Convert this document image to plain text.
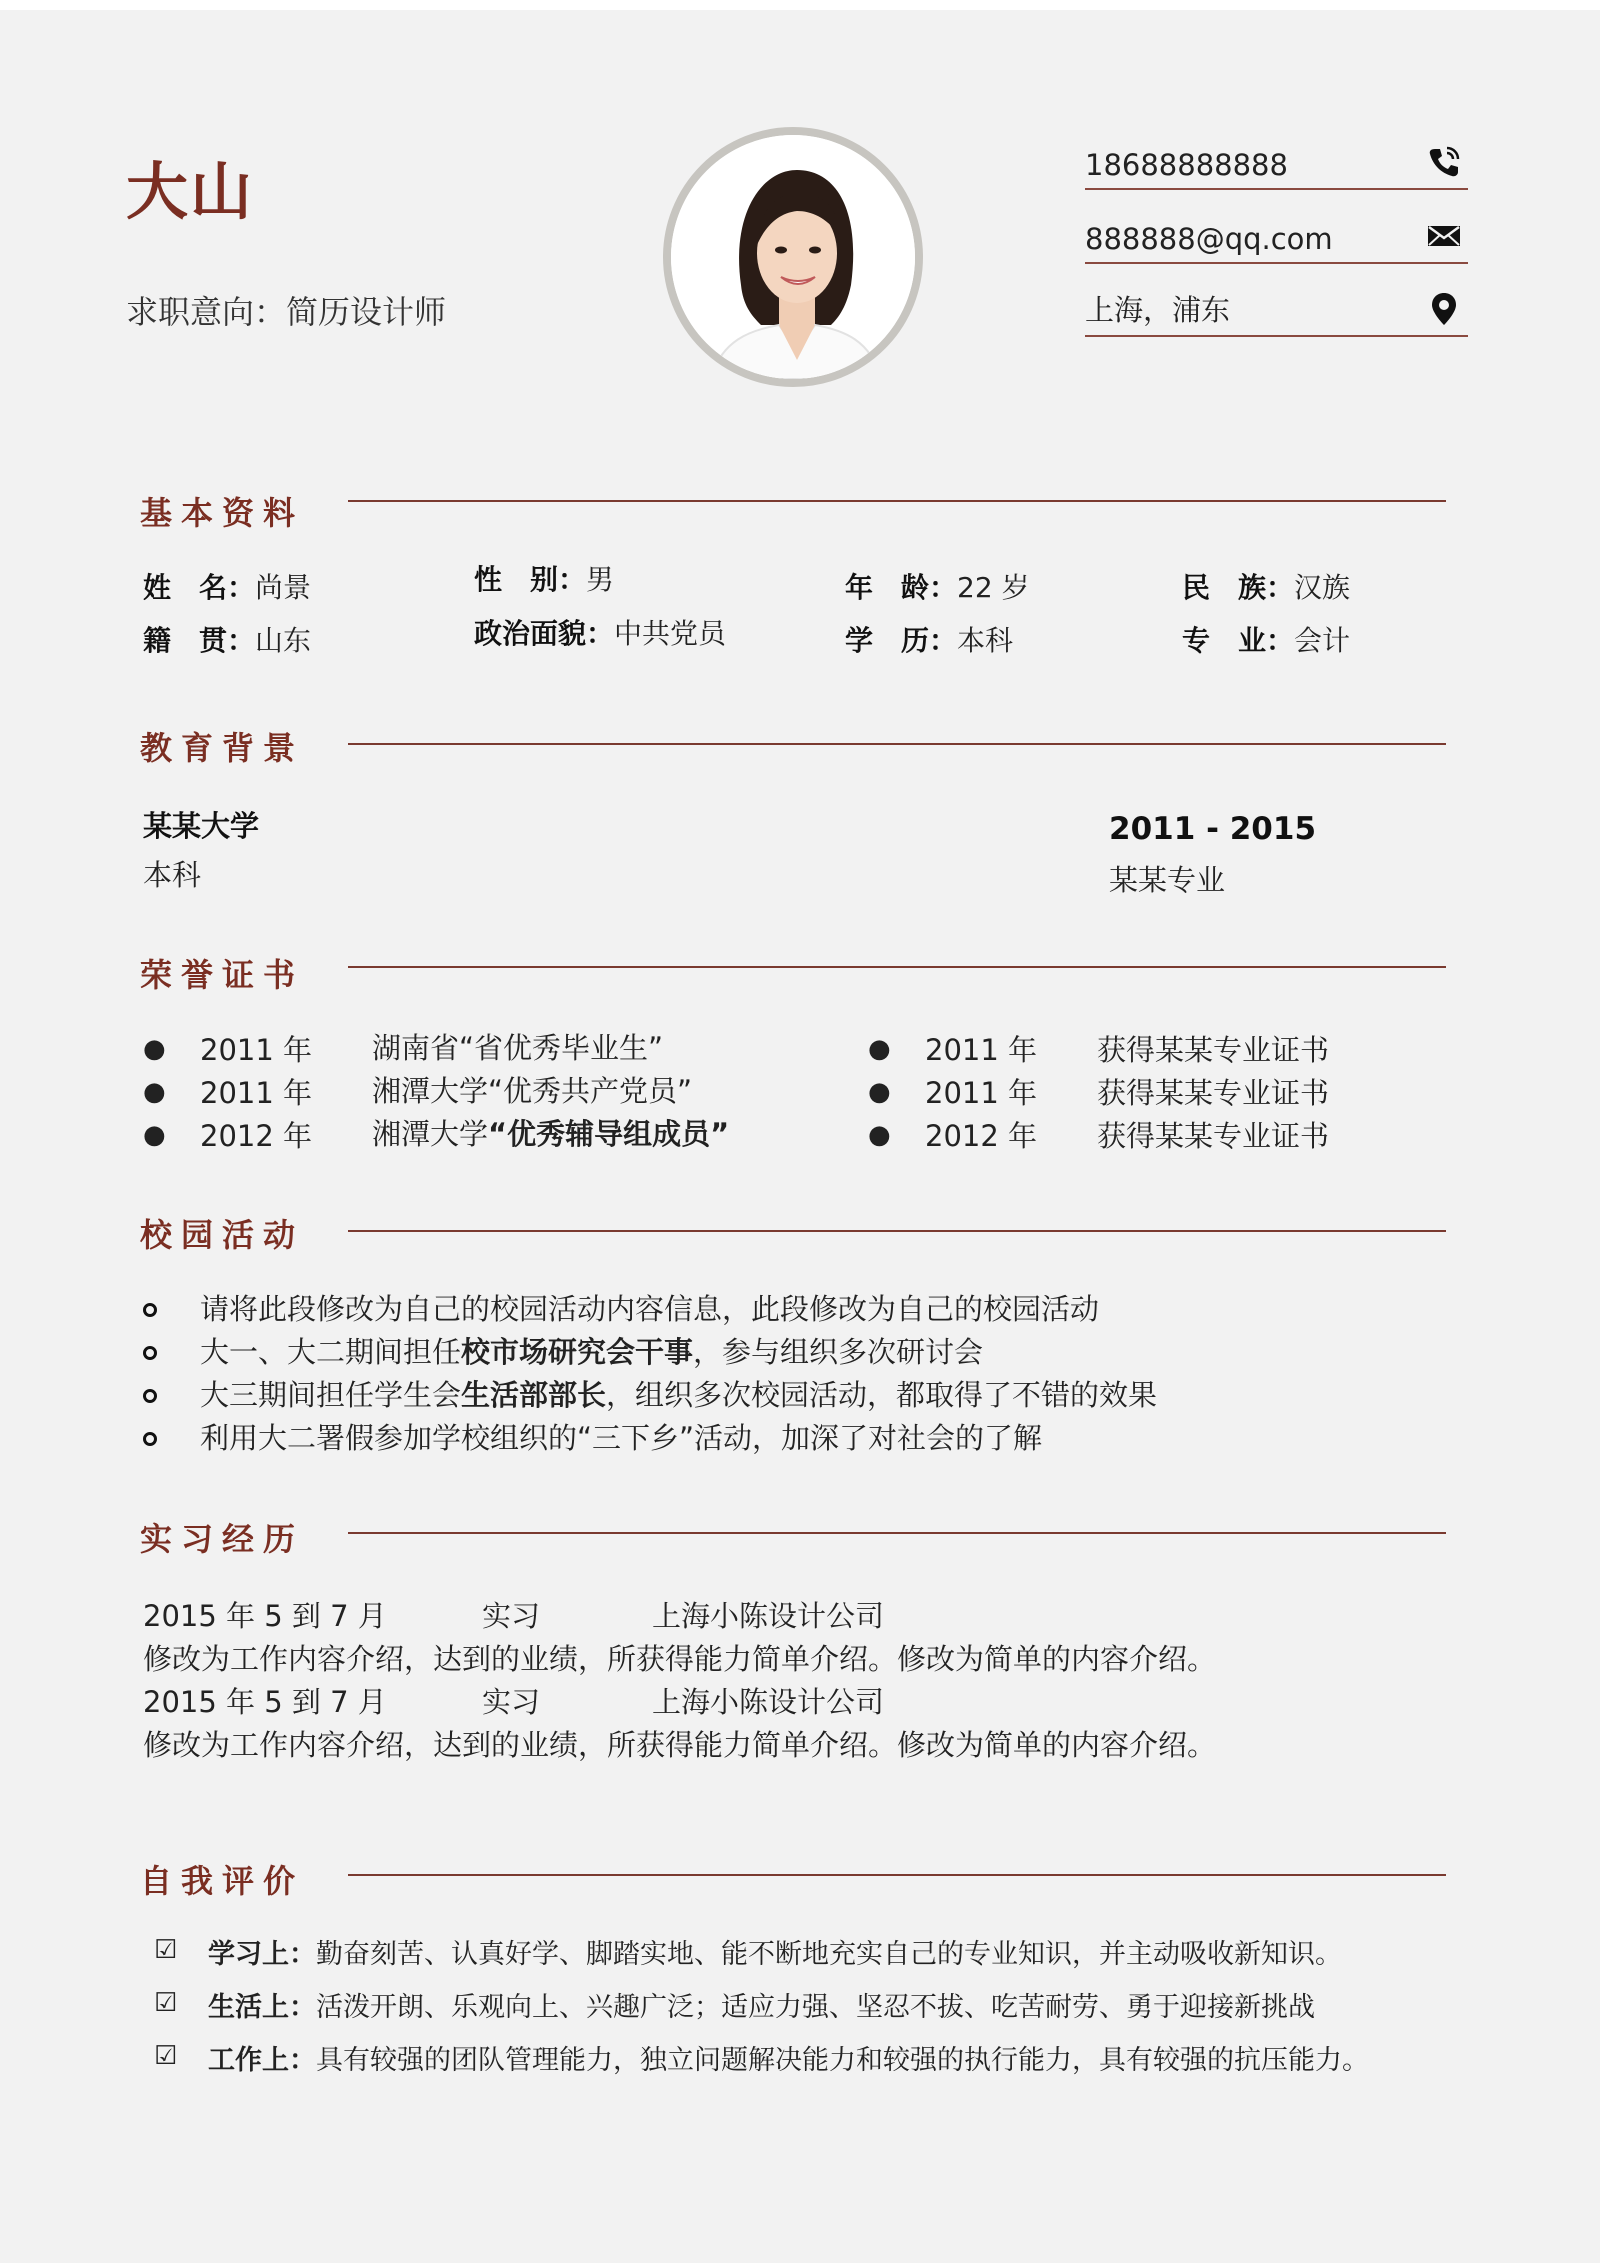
大山
求职意向：简历设计师
18688888888
888888@qq.com
上海，浦东
基本资料
姓　名：尚景	性　别：男	年　龄：22 岁	民　族：汉族
籍　贯：山东	政治面貌：中共党员	学　历：本科	专　业：会计
教育背景
某某大学
本科
2011 - 2015
某某专业
荣誉证书
● 2011 年 湖南省“省优秀毕业生”
● 2011 年 湘潭大学“优秀共产党员”
● 2012 年 湘潭大学“优秀辅导组成员”
● 2011 年 获得某某专业证书
● 2011 年 获得某某专业证书
● 2012 年 获得某某专业证书
校园活动
请将此段修改为自己的校园活动内容信息，此段修改为自己的校园活动
大一、大二期间担任校市场研究会干事，参与组织多次研讨会
大三期间担任学生会生活部部长，组织多次校园活动，都取得了不错的效果
利用大二署假参加学校组织的“三下乡”活动，加深了对社会的了解
实习经历
2015 年 5 到 7 月	实习	上海小陈设计公司
修改为工作内容介绍，达到的业绩，所获得能力简单介绍。修改为简单的内容介绍。
2015 年 5 到 7 月	实习	上海小陈设计公司
修改为工作内容介绍，达到的业绩，所获得能力简单介绍。修改为简单的内容介绍。
自我评价
☑ 学习上：勤奋刻苦、认真好学、脚踏实地、能不断地充实自己的专业知识，并主动吸收新知识。
☑ 生活上：活泼开朗、乐观向上、兴趣广泛；适应力强、坚忍不拔、吃苦耐劳、勇于迎接新挑战
☑ 工作上：具有较强的团队管理能力，独立问题解决能力和较强的执行能力，具有较强的抗压能力。
